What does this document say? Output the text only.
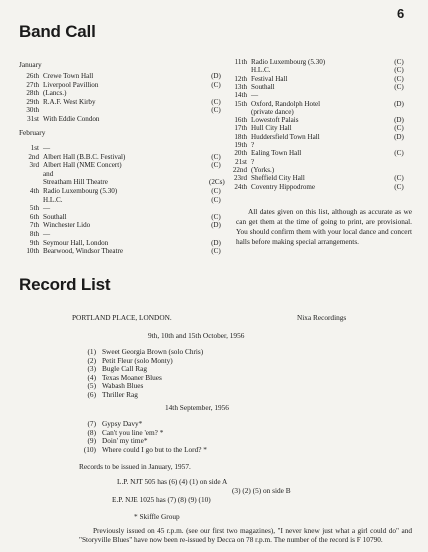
6
Band Call
January
26th Crewe Town Hall	(D)
27th Liverpool Pavillion	(C)
28th (Lancs.)
29th R.A.F. West Kirby	(C)
30th	(C)
31st With Eddie Condon
February
1st —
2nd Albert Hall (B.B.C. Festival)	(C)
3rd Albert Hall (NME Concert)	(C)
and
Streatham Hill Theatre	(2Cs)
4th Radio Luxembourg (5.30)	(C)
H.L.C.	(C)
5th —
6th Southall	(C)
7th Winchester Lido	(D)
8th —
9th Seymour Hall, London	(D)
10th Bearwood, Windsor Theatre	(C)
11th Radio Luxembourg (5.30)	(C)
H.L.C.	(C)
12th Festival Hall	(C)
13th Southall	(C)
14th —
15th Oxford, Randolph Hotel	(D)
(private dance)
16th Lowestoft Palais	(D)
17th Hull City Hall	(C)
18th Huddersfield Town Hall	(D)
19th ?
20th Ealing Town Hall	(C)
21st ?
22nd (Yorks.)
23rd Sheffield City Hall	(C)
24th Coventry Hippodrome	(C)
All dates given on this list, although as accurate as we can get them at the time of going to print, are provisional. You should confirm them with your local dance and concert halls before making special arrangements.
Record List
PORTLAND PLACE, LONDON.	Nixa Recordings
9th, 10th and 15th October, 1956
(1) Sweet Georgia Brown (solo Chris)
(2) Petit Fleur (solo Monty)
(3) Bugle Call Rag
(4) Texas Moaner Blues
(5) Wabash Blues
(6) Thriller Rag
14th September, 1956
(7) Gypsy Davy*
(8) Can't you line 'em? *
(9) Doin' my time*
(10) Where could I go but to the Lord? *
Records to be issued in January, 1957.
L.P. NJT 505 has (6) (4) (1) on side A
(3) (2) (5) on side B
E.P. NJE 1025 has (7) (8) (9) (10)
* Skiffle Group
Previously issued on 45 r.p.m. (see our first two magazines), "I never knew just what a girl could do" and "Storyville Blues" have now been re-issued by Decca on 78 r.p.m. The number of the record is F 10790.
